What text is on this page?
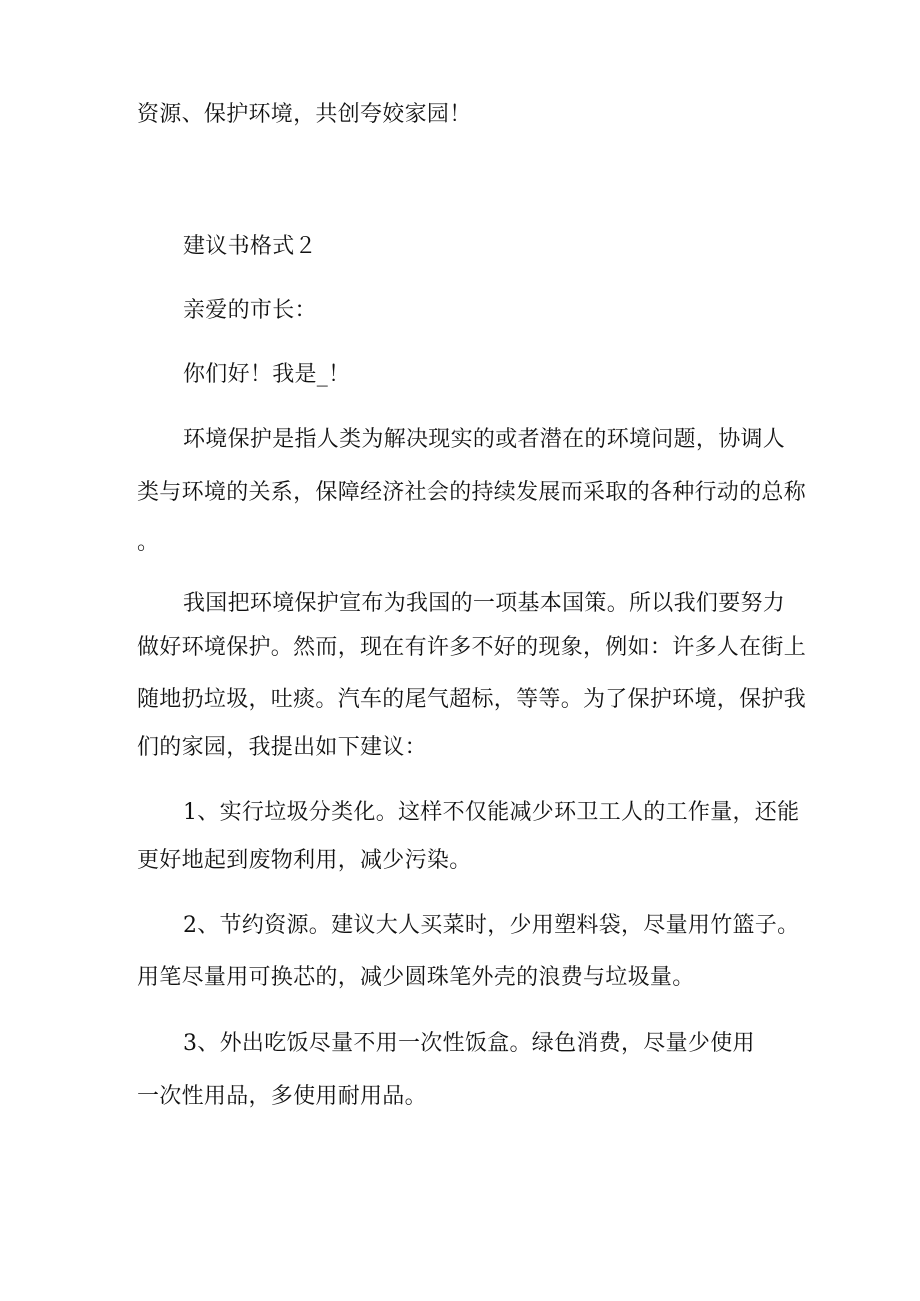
资源、保护环境，共创夸姣家园！
建议书格式２
亲爱的市长：
你们好！我是_！
环境保护是指人类为解决现实的或者潜在的环境问题，协调人
类与环境的关系，保障经济社会的持续发展而采取的各种行动的总称
。
我国把环境保护宣布为我国的一项基本国策。所以我们要努力
做好环境保护。然而，现在有许多不好的现象，例如：许多人在街上
随地扔垃圾，吐痰。汽车的尾气超标，等等。为了保护环境，保护我
们的家园，我提出如下建议：
1、实行垃圾分类化。这样不仅能减少环卫工人的工作量，还能
更好地起到废物利用，减少污染。
2、节约资源。建议大人买菜时，少用塑料袋，尽量用竹篮子。
用笔尽量用可换芯的，减少圆珠笔外壳的浪费与垃圾量。
3、外出吃饭尽量不用一次性饭盒。绿色消费，尽量少使用
一次性用品，多使用耐用品。
